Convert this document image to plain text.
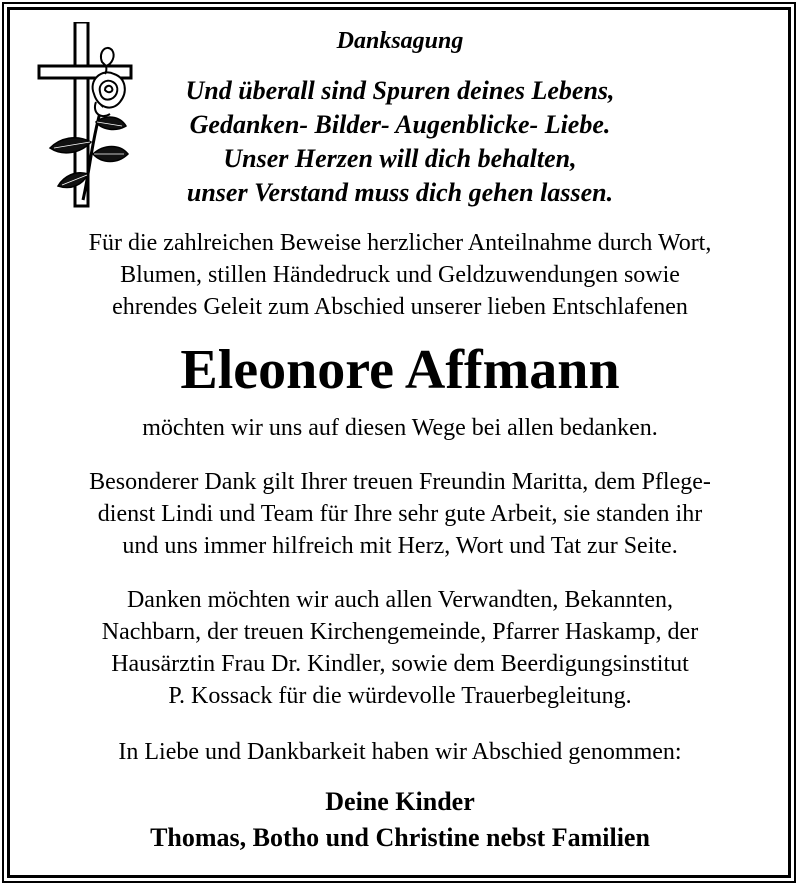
Danksagung
Und überall sind Spuren deines Lebens,
Gedanken- Bilder- Augenblicke- Liebe.
Unser Herzen will dich behalten,
unser Verstand muss dich gehen lassen.
Für die zahlreichen Beweise herzlicher Anteilnahme durch Wort,
Blumen, stillen Händedruck und Geldzuwendungen sowie
ehrendes Geleit zum Abschied unserer lieben Entschlafenen
Eleonore Affmann
möchten wir uns auf diesen Wege bei allen bedanken.
Besonderer Dank gilt Ihrer treuen Freundin Maritta, dem Pflege-
dienst Lindi und Team für Ihre sehr gute Arbeit, sie standen ihr
und uns immer hilfreich mit Herz, Wort und Tat zur Seite.
Danken möchten wir auch allen Verwandten, Bekannten,
Nachbarn, der treuen Kirchengemeinde, Pfarrer Haskamp, der
Hausärztin Frau Dr. Kindler, sowie dem Beerdigungsinstitut
P. Kossack für die würdevolle Trauerbegleitung.
In Liebe und Dankbarkeit haben wir Abschied genommen:
Deine Kinder
Thomas, Botho und Christine nebst Familien
